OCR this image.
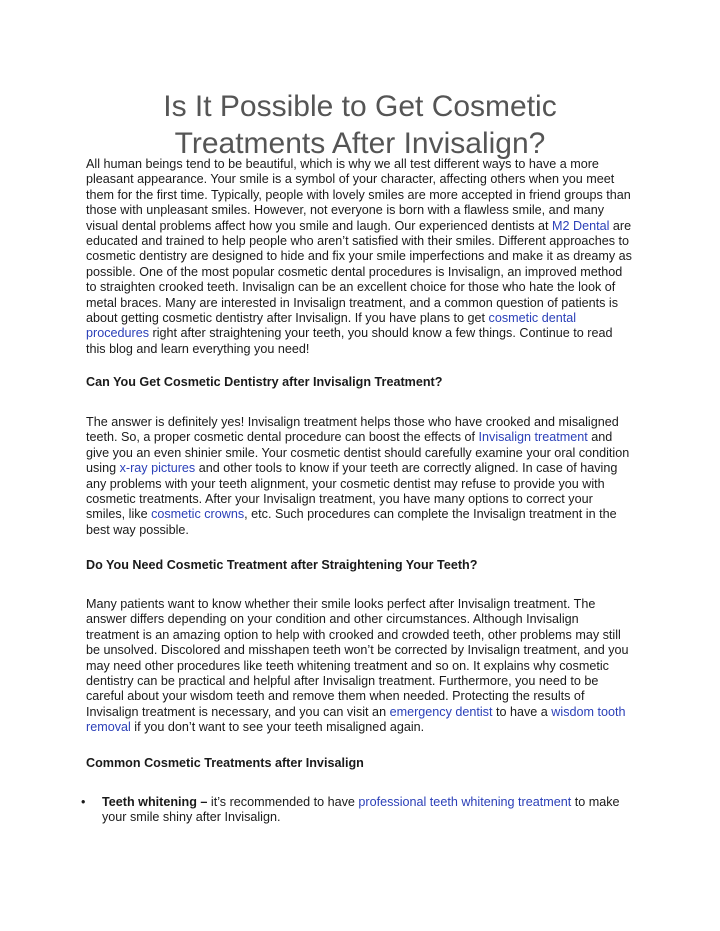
Is It Possible to Get Cosmetic Treatments After Invisalign?

All human beings tend to be beautiful, which is why we all test different ways to have a more pleasant appearance. Your smile is a symbol of your character, affecting others when you meet them for the first time. Typically, people with lovely smiles are more accepted in friend groups than those with unpleasant smiles. However, not everyone is born with a flawless smile, and many visual dental problems affect how you smile and laugh. Our experienced dentists at M2 Dental are educated and trained to help people who aren’t satisfied with their smiles. Different approaches to cosmetic dentistry are designed to hide and fix your smile imperfections and make it as dreamy as possible. One of the most popular cosmetic dental procedures is Invisalign, an improved method to straighten crooked teeth. Invisalign can be an excellent choice for those who hate the look of metal braces. Many are interested in Invisalign treatment, and a common question of patients is about getting cosmetic dentistry after Invisalign. If you have plans to get cosmetic dental procedures right after straightening your teeth, you should know a few things. Continue to read this blog and learn everything you need!

Can You Get Cosmetic Dentistry after Invisalign Treatment?

The answer is definitely yes! Invisalign treatment helps those who have crooked and misaligned teeth. So, a proper cosmetic dental procedure can boost the effects of Invisalign treatment and give you an even shinier smile. Your cosmetic dentist should carefully examine your oral condition using x-ray pictures and other tools to know if your teeth are correctly aligned. In case of having any problems with your teeth alignment, your cosmetic dentist may refuse to provide you with cosmetic treatments. After your Invisalign treatment, you have many options to correct your smiles, like cosmetic crowns, etc. Such procedures can complete the Invisalign treatment in the best way possible.

Do You Need Cosmetic Treatment after Straightening Your Teeth?

Many patients want to know whether their smile looks perfect after Invisalign treatment. The answer differs depending on your condition and other circumstances. Although Invisalign treatment is an amazing option to help with crooked and crowded teeth, other problems may still be unsolved. Discolored and misshapen teeth won’t be corrected by Invisalign treatment, and you may need other procedures like teeth whitening treatment and so on. It explains why cosmetic dentistry can be practical and helpful after Invisalign treatment. Furthermore, you need to be careful about your wisdom teeth and remove them when needed. Protecting the results of Invisalign treatment is necessary, and you can visit an emergency dentist to have a wisdom tooth removal if you don’t want to see your teeth misaligned again.

Common Cosmetic Treatments after Invisalign
• Teeth whitening – it’s recommended to have professional teeth whitening treatment to make your smile shiny after Invisalign.
